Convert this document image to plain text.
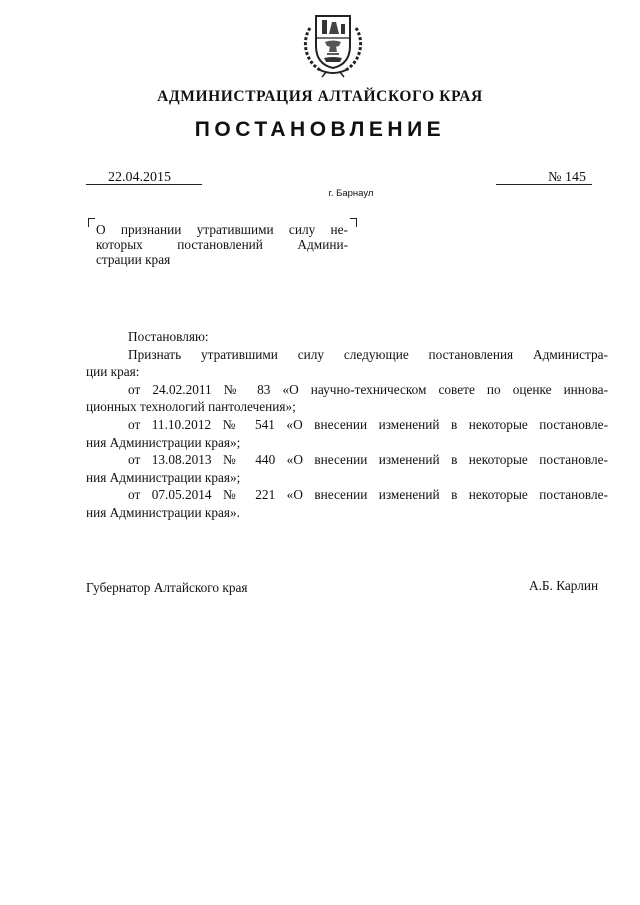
АДМИНИСТРАЦИЯ АЛТАЙСКОГО КРАЯ
ПОСТАНОВЛЕНИЕ
22.04.2015	№ 145
г. Барнаул
О признании утратившими силу не-
которых постановлений Админи-
страции края
Постановляю:
Признать утратившими силу следующие постановления Администра-
ции края:
от 24.02.2011 № 83 «О научно-техническом совете по оценке иннова-
ционных технологий пантолечения»;
от 11.10.2012 № 541 «О внесении изменений в некоторые постановле-
ния Администрации края»;
от 13.08.2013 № 440 «О внесении изменений в некоторые постановле-
ния Администрации края»;
от 07.05.2014 № 221 «О внесении изменений в некоторые постановле-
ния Администрации края».
Губернатор Алтайского края	А.Б. Карлин
